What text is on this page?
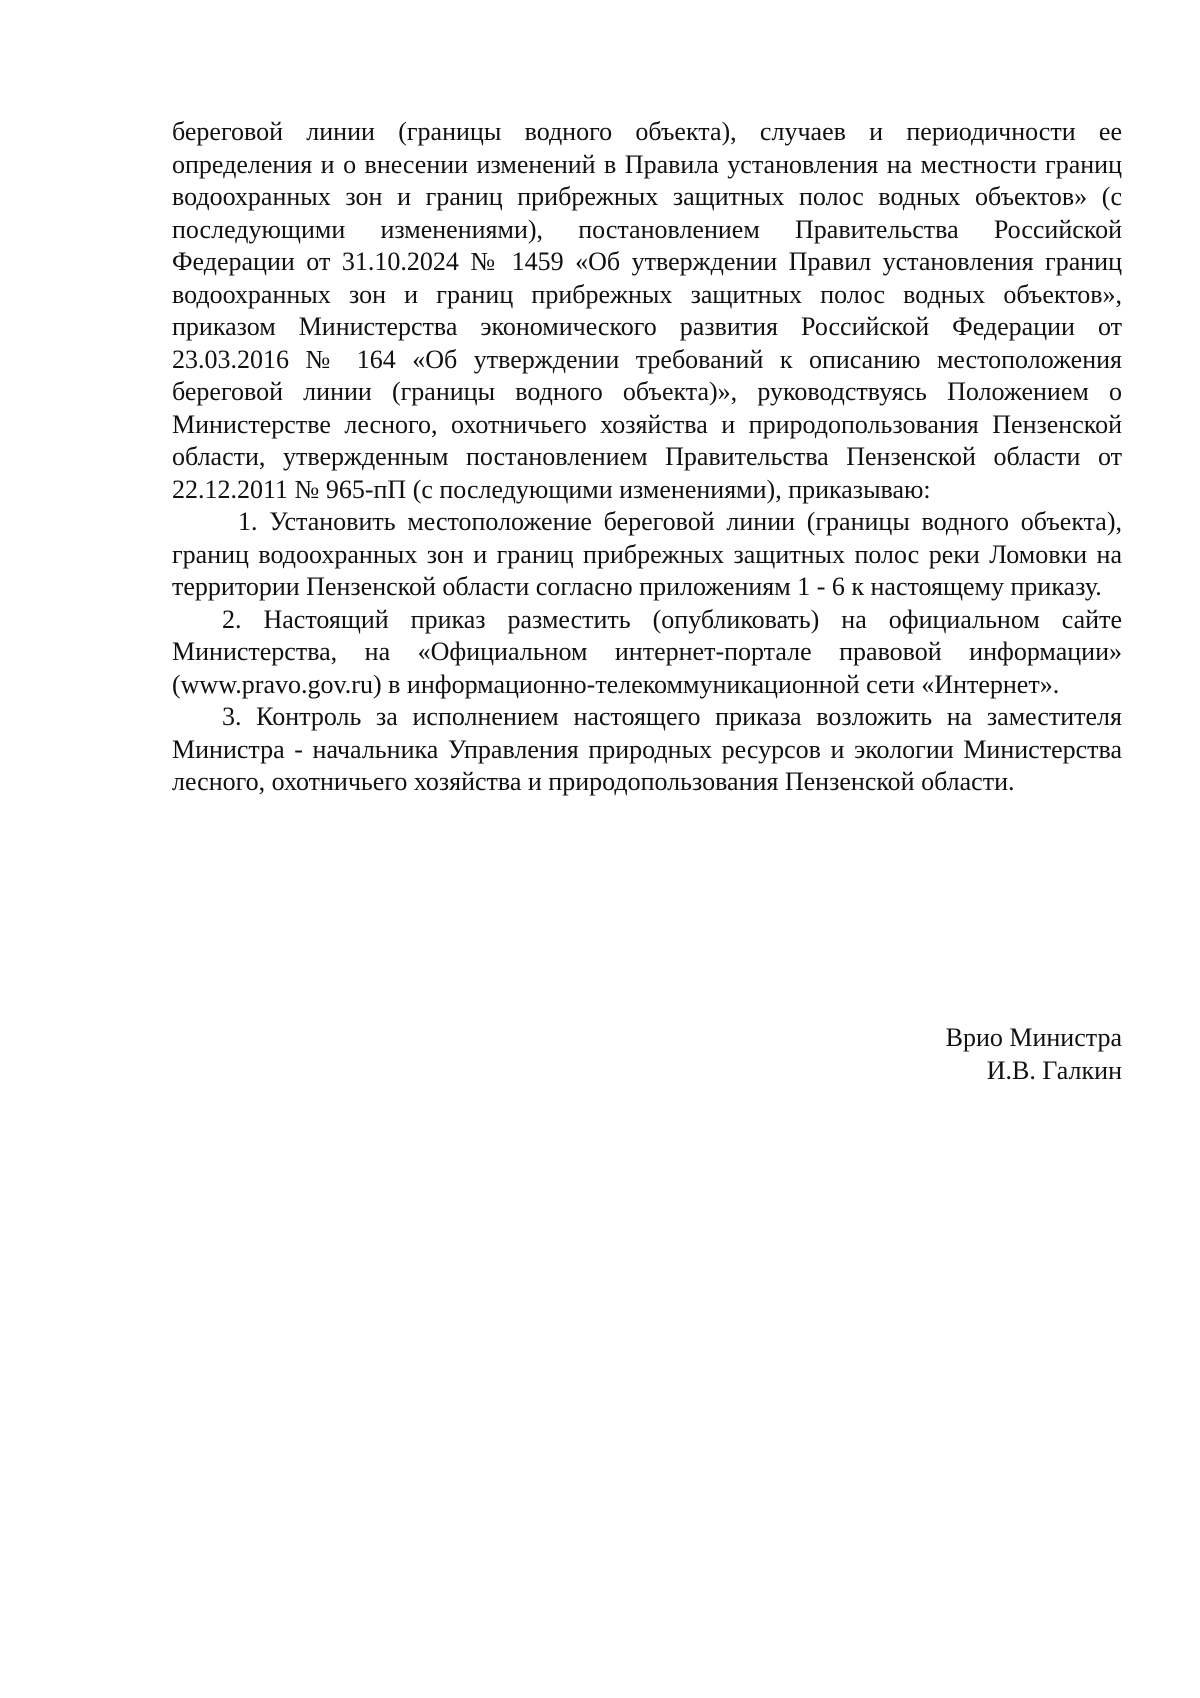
береговой линии (границы водного объекта), случаев и периодичности ее определения и о внесении изменений в Правила установления на местности границ водоохранных зон и границ прибрежных защитных полос водных объектов» (с последующими изменениями), постановлением Правительства Российской Федерации от 31.10.2024 № 1459 «Об утверждении Правил установления границ водоохранных зон и границ прибрежных защитных полос водных объектов», приказом Министерства экономического развития Российской Федерации от 23.03.2016 № 164 «Об утверждении требований к описанию местоположения береговой линии (границы водного объекта)», руководствуясь Положением о Министерстве лесного, охотничьего хозяйства и природопользования Пензенской области, утвержденным постановлением Правительства Пензенской области от 22.12.2011 № 965-пП (с последующими изменениями), приказываю:

1. Установить местоположение береговой линии (границы водного объекта), границ водоохранных зон и границ прибрежных защитных полос реки Ломовки на территории Пензенской области согласно приложениям 1 - 6 к настоящему приказу.

2. Настоящий приказ разместить (опубликовать) на официальном сайте Министерства, на «Официальном интернет-портале правовой информации» (www.pravo.gov.ru) в информационно-телекоммуникационной сети «Интернет».

3. Контроль за исполнением настоящего приказа возложить на заместителя Министра - начальника Управления природных ресурсов и экологии Министерства лесного, охотничьего хозяйства и природопользования Пензенской области.

Врио Министра
И.В. Галкин
